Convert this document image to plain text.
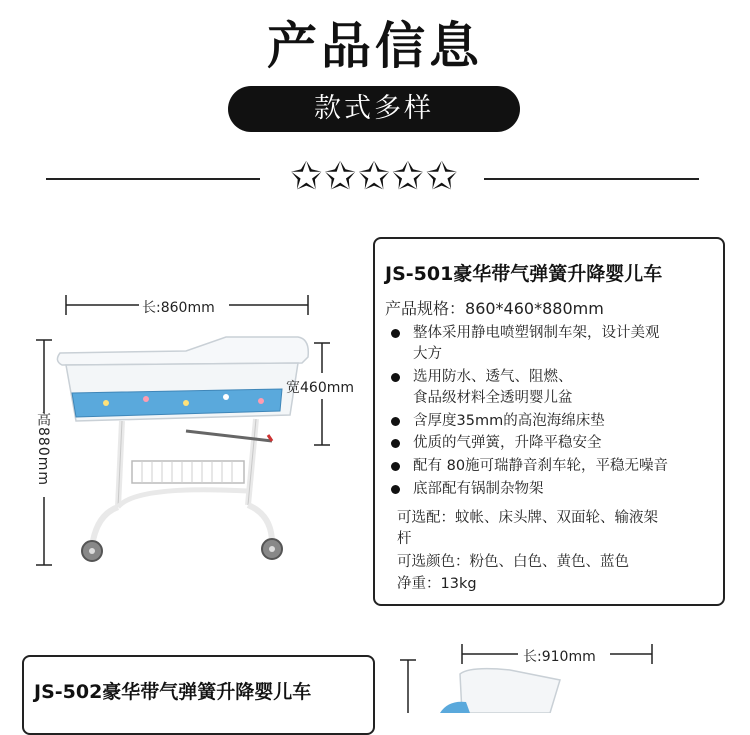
产品信息
款式多样
✩✩✩✩✩
长:860mm
宽460mm
高880mm
JS-501豪华带气弹簧升降婴儿车
产品规格：860*460*880mm
整体采用静电喷塑钢制车架，设计美观
大方
选用防水、透气、阻燃、
食品级材料全透明婴儿盆
含厚度35mm的高泡海绵床垫
优质的气弹簧，升降平稳安全
配有 80施可瑞静音刹车轮，平稳无噪音
底部配有锅制杂物架
可选配：蚊帐、床头牌、双面轮、输液架
杆
可选颜色：粉色、白色、黄色、蓝色
净重：13kg
JS-502豪华带气弹簧升降婴儿车
长:910mm
